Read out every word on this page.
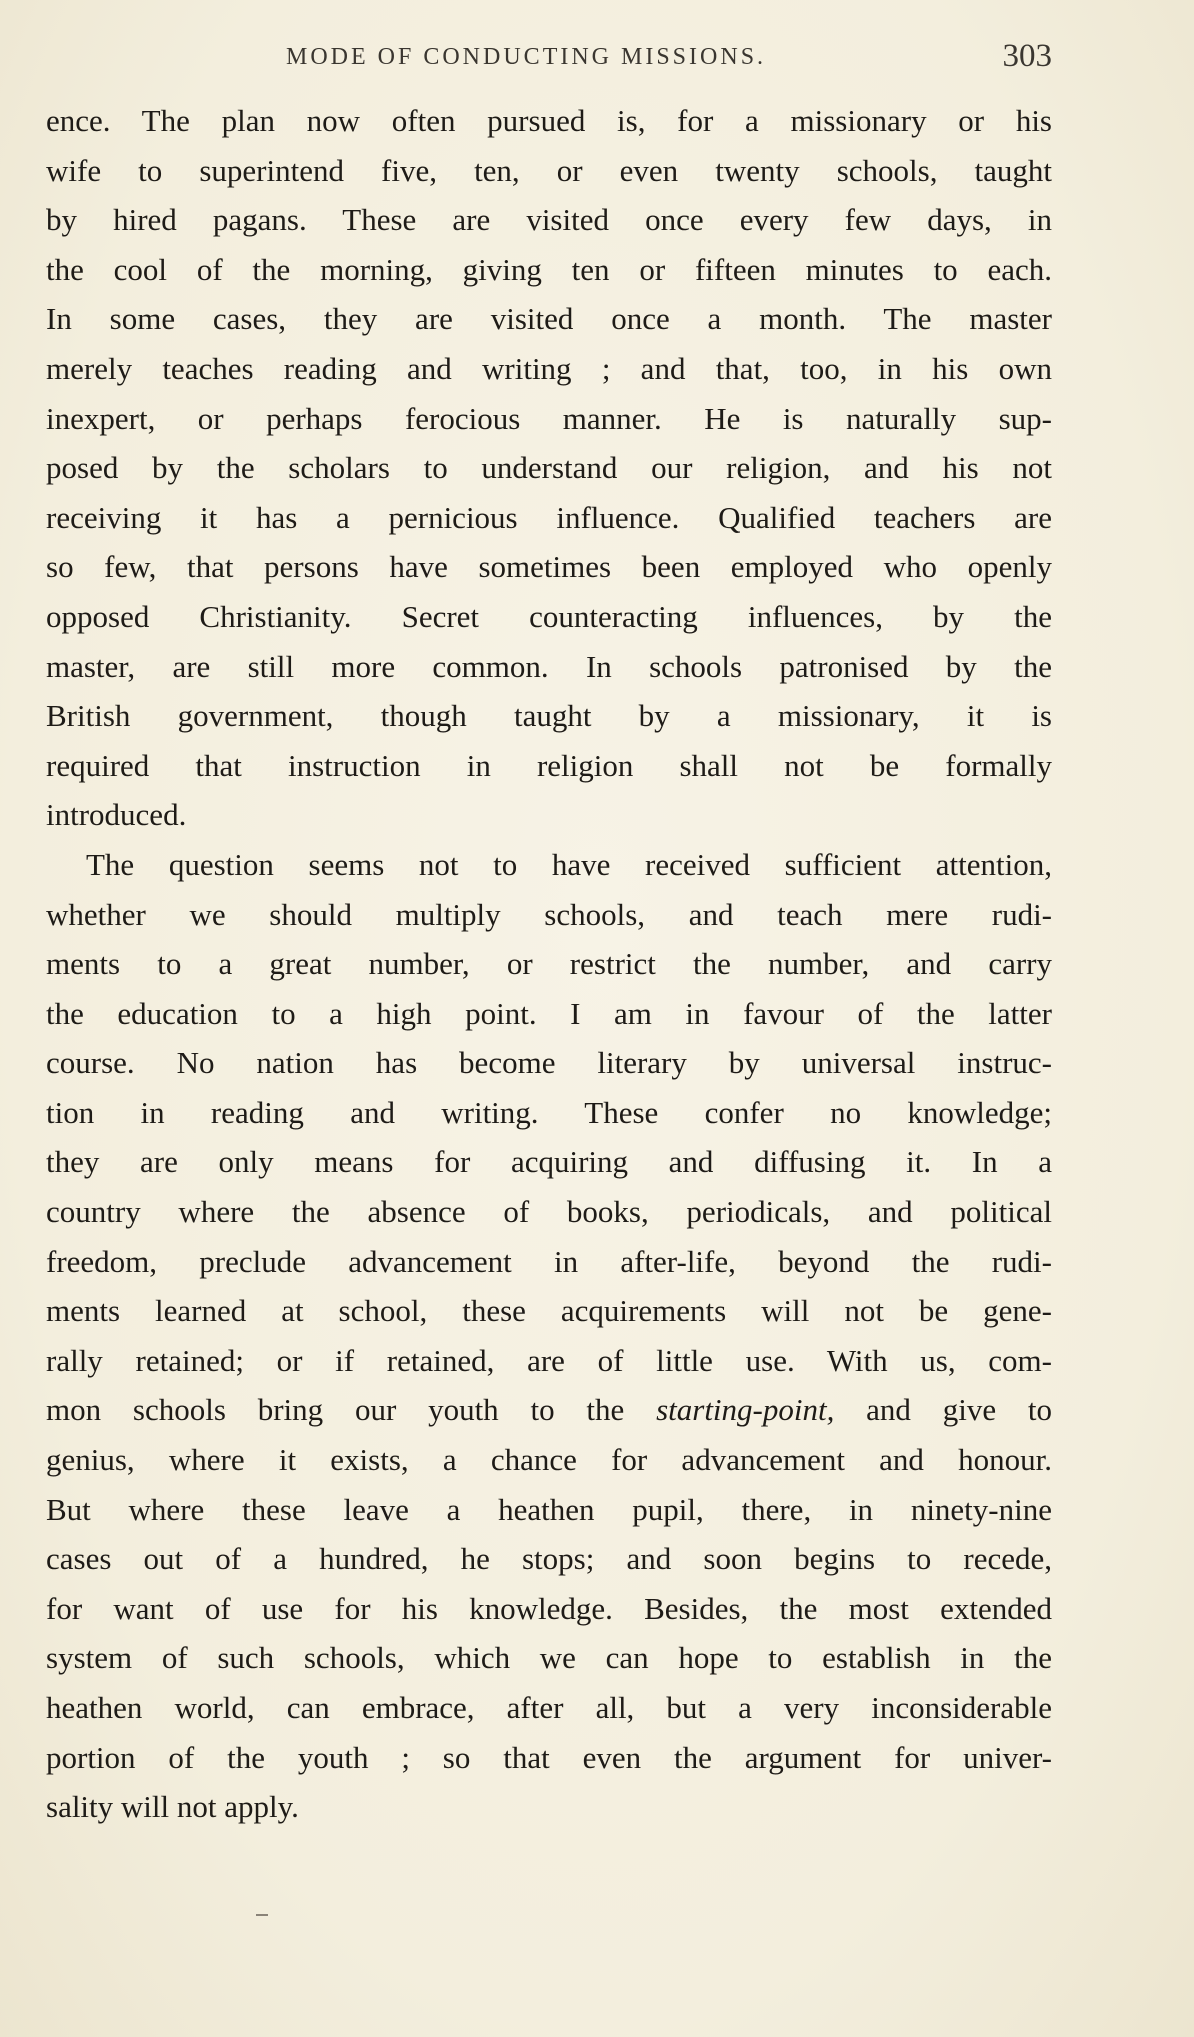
MODE OF CONDUCTING MISSIONS.	303

ence. The plan now often pursued is, for a missionary or his

wife to superintend five, ten, or even twenty schools, taught

by hired pagans. These are visited once every few days, in

the cool of the morning, giving ten or fifteen minutes to each.

In some cases, they are visited once a month. The master

merely teaches reading and writing ; and that, too, in his own

inexpert, or perhaps ferocious manner. He is naturally sup-

posed by the scholars to understand our religion, and his not

receiving it has a pernicious influence. Qualified teachers are

so few, that persons have sometimes been employed who openly

opposed Christianity. Secret counteracting influences, by the

master, are still more common. In schools patronised by the

British government, though taught by a missionary, it is

required that instruction in religion shall not be formally

introduced.

The question seems not to have received sufficient attention,

whether we should multiply schools, and teach mere rudi-

ments to a great number, or restrict the number, and carry

the education to a high point. I am in favour of the latter

course. No nation has become literary by universal instruc-

tion in reading and writing. These confer no knowledge;

they are only means for acquiring and diffusing it. In a

country where the absence of books, periodicals, and political

freedom, preclude advancement in after-life, beyond the rudi-

ments learned at school, these acquirements will not be gene-

rally retained; or if retained, are of little use. With us, com-

mon schools bring our youth to the starting-point, and give to

genius, where it exists, a chance for advancement and honour.

But where these leave a heathen pupil, there, in ninety-nine

cases out of a hundred, he stops; and soon begins to recede,

for want of use for his knowledge. Besides, the most extended

system of such schools, which we can hope to establish in the

heathen world, can embrace, after all, but a very inconsiderable

portion of the youth ; so that even the argument for univer-

sality will not apply.
